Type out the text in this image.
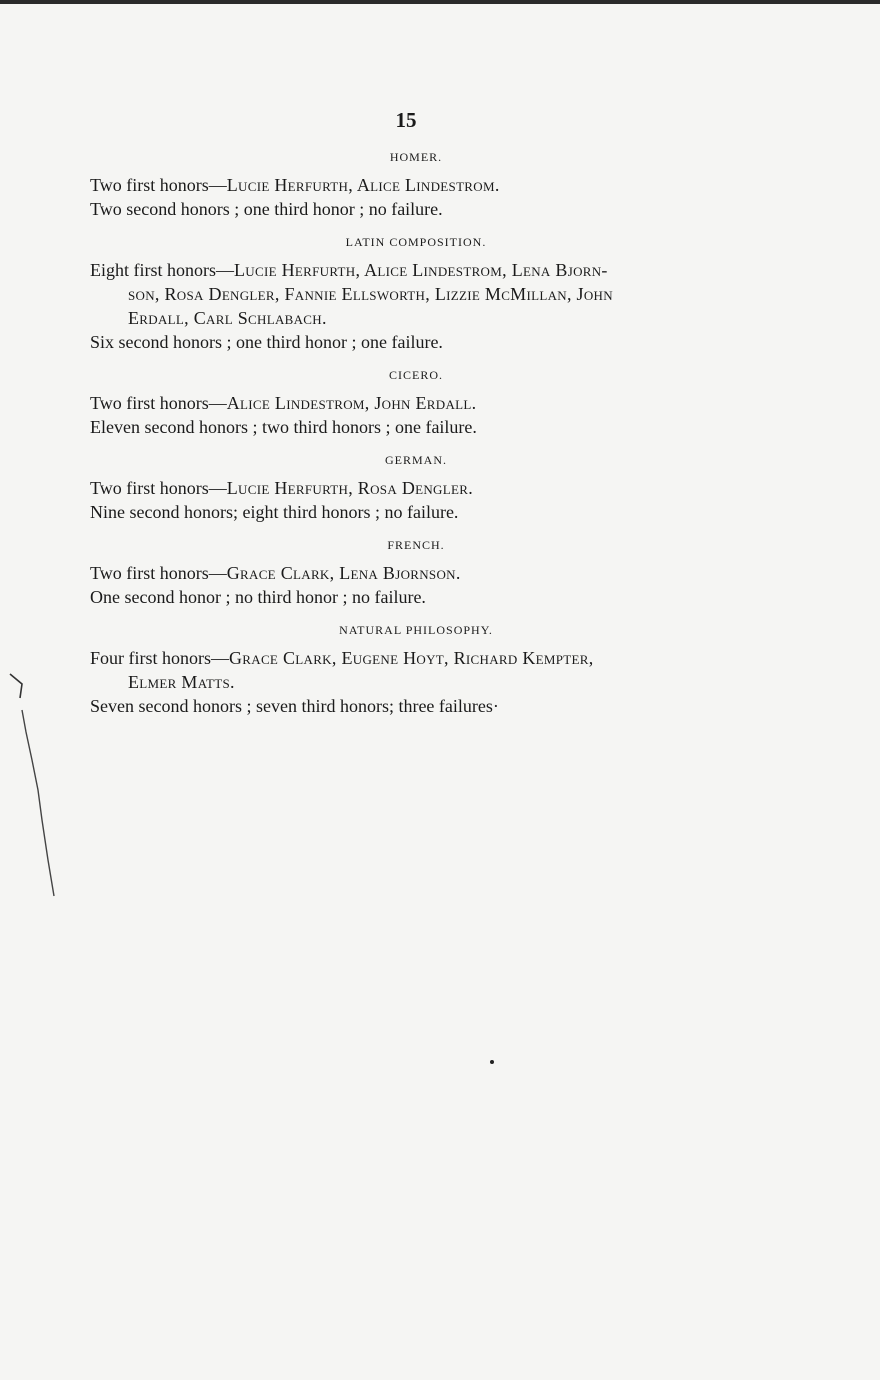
15
HOMER.

Two first honors—Lucie Herfurth, Alice Lindestrom.

Two second honors ; one third honor ; no failure.

LATIN COMPOSITION.

Eight first honors—Lucie Herfurth, Alice Lindestrom, Lena Bjorn-

son, Rosa Dengler, Fannie Ellsworth, Lizzie McMillan, John

Erdall, Carl Schlabach.

Six second honors ; one third honor ; one failure.

CICERO.

Two first honors—Alice Lindestrom, John Erdall.

Eleven second honors ; two third honors ; one failure.

GERMAN.

Two first honors—Lucie Herfurth, Rosa Dengler.

Nine second honors; eight third honors ; no failure.

FRENCH.

Two first honors—Grace Clark, Lena Bjornson.

One second honor ; no third honor ; no failure.

NATURAL PHILOSOPHY.

Four first honors—Grace Clark, Eugene Hoyt, Richard Kempter,

Elmer Matts.

Seven second honors ; seven third honors; three failures·
